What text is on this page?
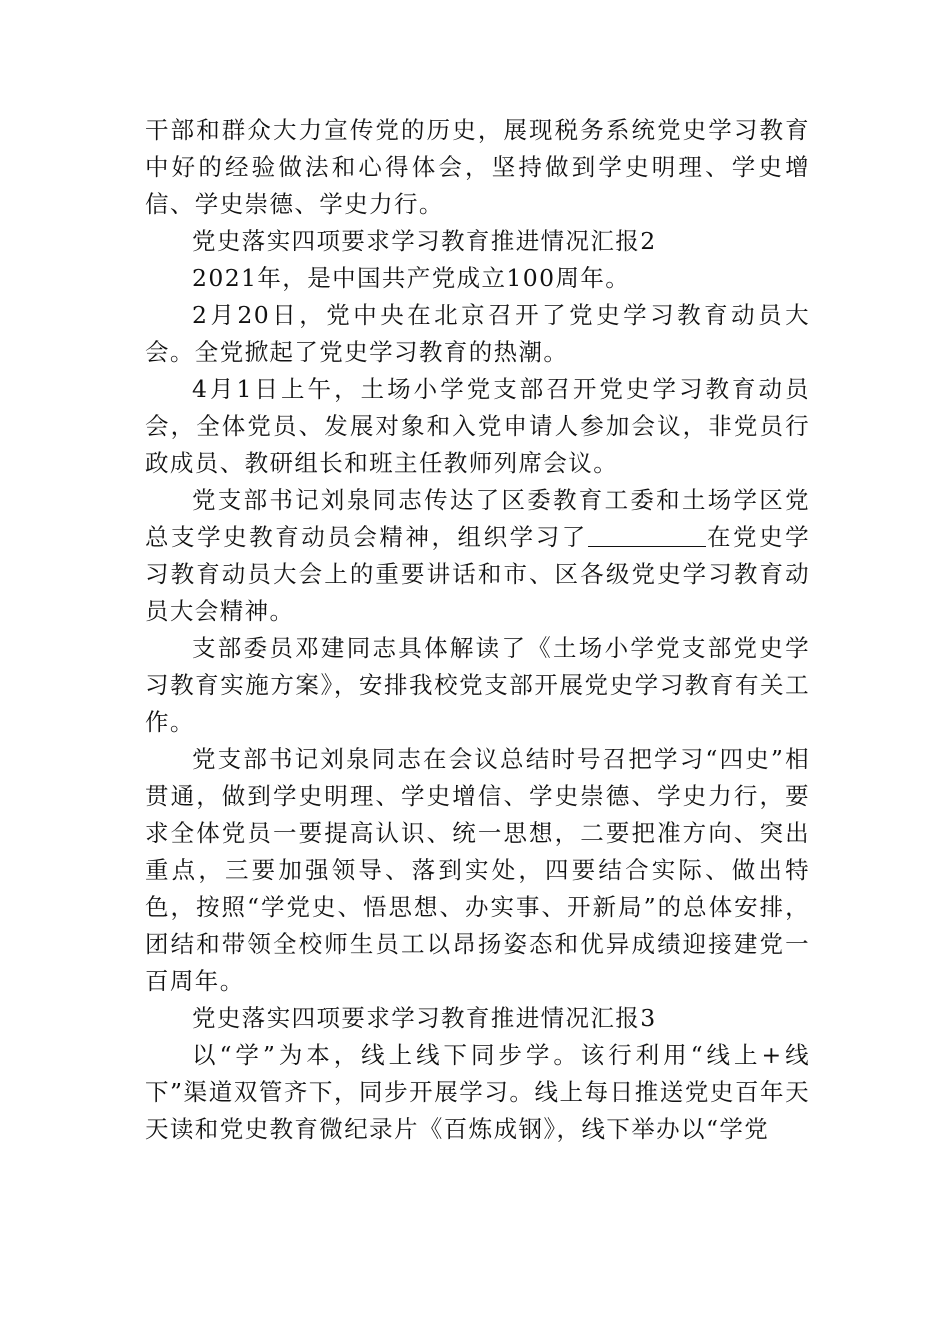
干部和群众大力宣传党的历史，展现税务系统党史学习教育中好的经验做法和心得体会，坚持做到学史明理、学史增信、学史崇德、学史力行。

党史落实四项要求学习教育推进情况汇报2

2021年，是中国共产党成立100周年。

2月20日，党中央在北京召开了党史学习教育动员大会。全党掀起了党史学习教育的热潮。

4月1日上午，土场小学党支部召开党史学习教育动员会，全体党员、发展对象和入党申请人参加会议，非党员行政成员、教研组长和班主任教师列席会议。

党支部书记刘泉同志传达了区委教育工委和土场学区党总支学史教育动员会精神，组织学习了	在党史学习教育动员大会上的重要讲话和市、区各级党史学习教育动员大会精神。

支部委员邓建同志具体解读了《土场小学党支部党史学习教育实施方案》，安排我校党支部开展党史学习教育有关工作。

党支部书记刘泉同志在会议总结时号召把学习“四史”相贯通，做到学史明理、学史增信、学史崇德、学史力行，要求全体党员一要提高认识、统一思想，二要把准方向、突出重点，三要加强领导、落到实处，四要结合实际、做出特色，按照“学党史、悟思想、办实事、开新局”的总体安排，团结和带领全校师生员工以昂扬姿态和优异成绩迎接建党一百周年。

党史落实四项要求学习教育推进情况汇报3

以“学”为本，线上线下同步学。该行利用“线上+线下”渠道双管齐下，同步开展学习。线上每日推送党史百年天天读和党史教育微纪录片《百炼成钢》，线下举办以“学党
